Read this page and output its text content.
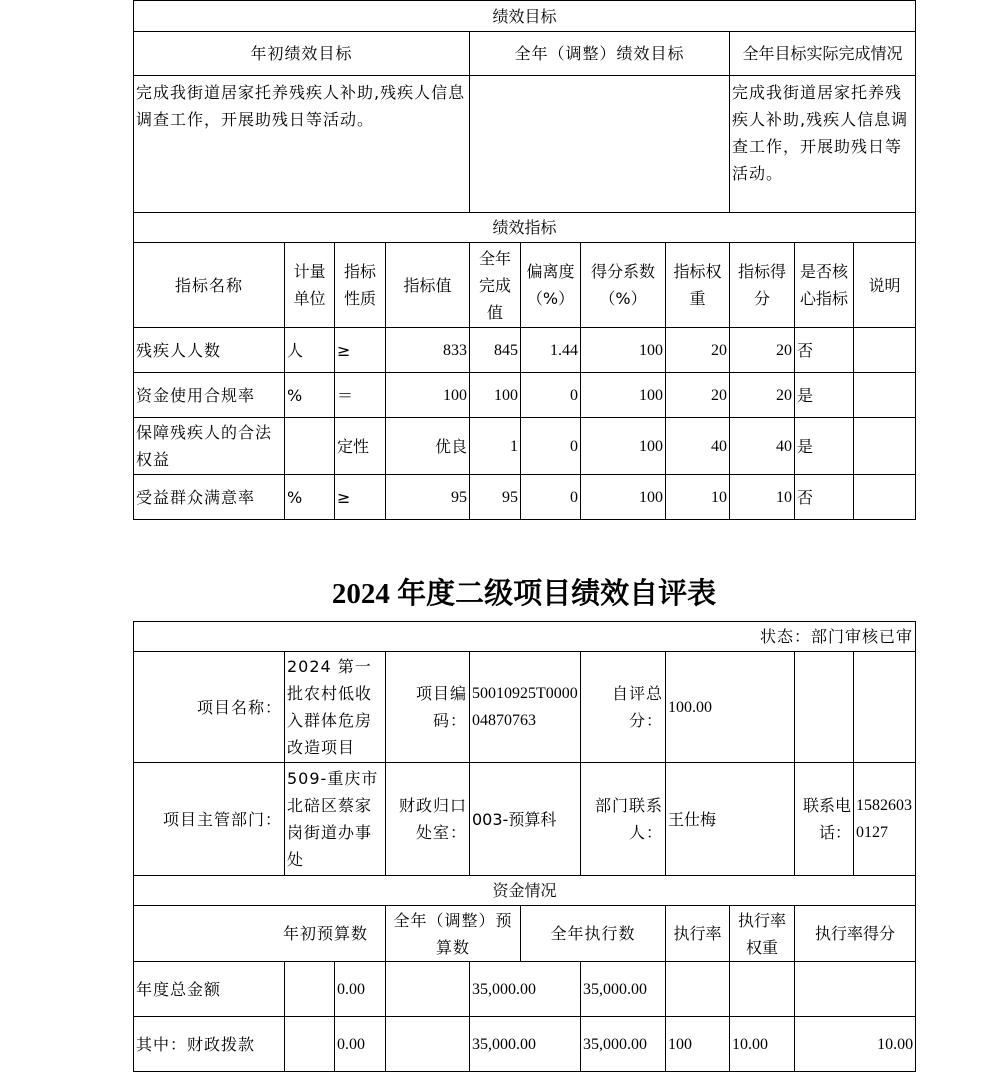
绩效目标										
年初绩效目标				全年（调整）绩效目标				全年目标实际完成情况		
完成我街道居家托养残疾人补助,残疾人信息调查工作，开展助残日等活动。								完成我街道居家托养残疾人补助,残疾人信息调查工作，开展助残日等活动。		
绩效指标										
指标名称	计量单位	指标性质	指标值	全年完成值	偏离度（%）	得分系数（%）	指标权重	指标得分	是否核心指标	说明
残疾人人数	人	≥	833	845	1.44	100	20	20	否	
资金使用合规率	%	＝	100	100	0	100	20	20	是	
保障残疾人的合法权益		定性	优良	1	0	100	40	40	是	
受益群众满意率	%	≥	95	95	0	100	10	10	否	
2024 年度二级项目绩效自评表
状态：部门审核已审										
项目名称：	2024 第一批农村低收入群体危房改造项目		项目编码：	50010925T000004870763		自评总分：	100.00			
项目主管部门：	509-重庆市北碚区蔡家岗街道办事处		财政归口处室：	003-预算科		部门联系人：	王仕梅		联系电话：	15826030127
资金情况										
年初预算数			全年（调整）预算数		全年执行数		执行率	执行率权重	执行率得分	
年度总金额		0.00		35,000.00		35,000.00				
其中：财政拨款		0.00		35,000.00		35,000.00	100	10.00	10.00	
